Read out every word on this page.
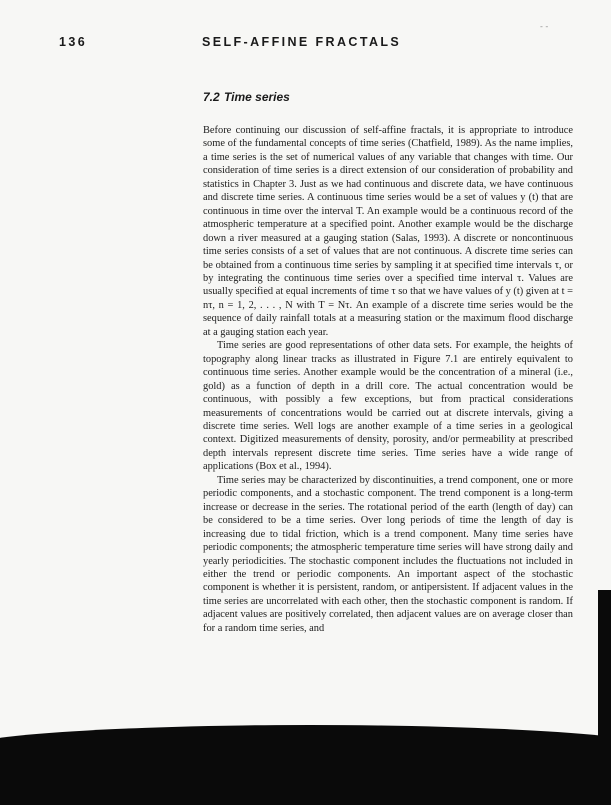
136	SELF-AFFINE FRACTALS
- -
7.2 Time series

Before continuing our discussion of self-affine fractals, it is appropriate to introduce some of the fundamental concepts of time series (Chatfield, 1989). As the name implies, a time series is the set of numerical values of any variable that changes with time. Our consideration of time series is a direct extension of our consideration of probability and statistics in Chapter 3. Just as we had continuous and discrete data, we have continuous and discrete time series. A continuous time series would be a set of values y (t) that are continuous in time over the interval T. An example would be a continuous record of the atmospheric temperature at a specified point. Another example would be the discharge down a river measured at a gauging station (Salas, 1993). A discrete or noncontinuous time series consists of a set of values that are not continuous. A discrete time series can be obtained from a continuous time series by sampling it at specified time intervals τ, or by integrating the continuous time series over a specified time interval τ. Values are usually specified at equal increments of time τ so that we have values of y (t) given at t = nτ, n = 1, 2, . . . , N with T = Nτ. An example of a discrete time series would be the sequence of daily rainfall totals at a measuring station or the maximum flood discharge at a gauging station each year.

Time series are good representations of other data sets. For example, the heights of topography along linear tracks as illustrated in Figure 7.1 are entirely equivalent to continuous time series. Another example would be the concentration of a mineral (i.e., gold) as a function of depth in a drill core. The actual concentration would be continuous, with possibly a few exceptions, but from practical considerations measurements of concentrations would be carried out at discrete intervals, giving a discrete time series. Well logs are another example of a time series in a geological context. Digitized measurements of density, porosity, and/or permeability at prescribed depth intervals represent discrete time series. Time series have a wide range of applications (Box et al., 1994).

Time series may be characterized by discontinuities, a trend component, one or more periodic components, and a stochastic component. The trend component is a long-term increase or decrease in the series. The rotational period of the earth (length of day) can be considered to be a time series. Over long periods of time the length of day is increasing due to tidal friction, which is a trend component. Many time series have periodic components; the atmospheric temperature time series will have strong daily and yearly periodicities. The stochastic component includes the fluctuations not included in either the trend or periodic components. An important aspect of the stochastic component is whether it is persistent, random, or antipersistent. If adjacent values in the time series are uncorrelated with each other, then the stochastic component is random. If adjacent values are positively correlated, then adjacent values are on average closer than for a random time series, and
